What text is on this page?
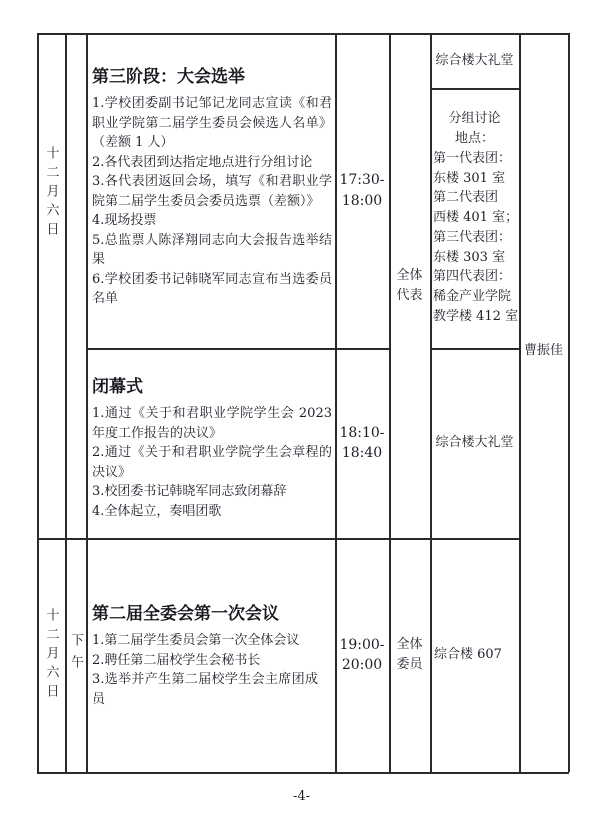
十二月六日
第三阶段：大会选举
1.学校团委副书记邹记龙同志宣读《和君职业学院第二届学生委员会候选人名单》（差额 1 人）
2.各代表团到达指定地点进行分组讨论
3.各代表团返回会场，填写《和君职业学院第二届学生委员会委员选票（差额）》
4.现场投票
5.总监票人陈泽翔同志向大会报告选举结果
6.学校团委书记韩晓军同志宣布当选委员名单
17:30-
18:00
全体代表
综合楼大礼堂
分组讨论
地点：
第一代表团：
东楼 301 室
第二代表团
西楼 401 室；
第三代表团：
东楼 303 室
第四代表团：
稀金产业学院
教学楼 412 室
闭幕式
1.通过《关于和君职业学院学生会 2023 年度工作报告的决议》
2.通过《关于和君职业学院学生会章程的决议》
3.校团委书记韩晓军同志致闭幕辞
4.全体起立，奏唱团歌
18:10-
18:40
综合楼大礼堂
曹振佳
十二月六日 下午
第二届全委会第一次会议
1.第二届学生委员会第一次全体会议
2.聘任第二届校学生会秘书长
3.选举并产生第二届校学生会主席团成员
19:00-
20:00
全体委员
综合楼 607
-4-
